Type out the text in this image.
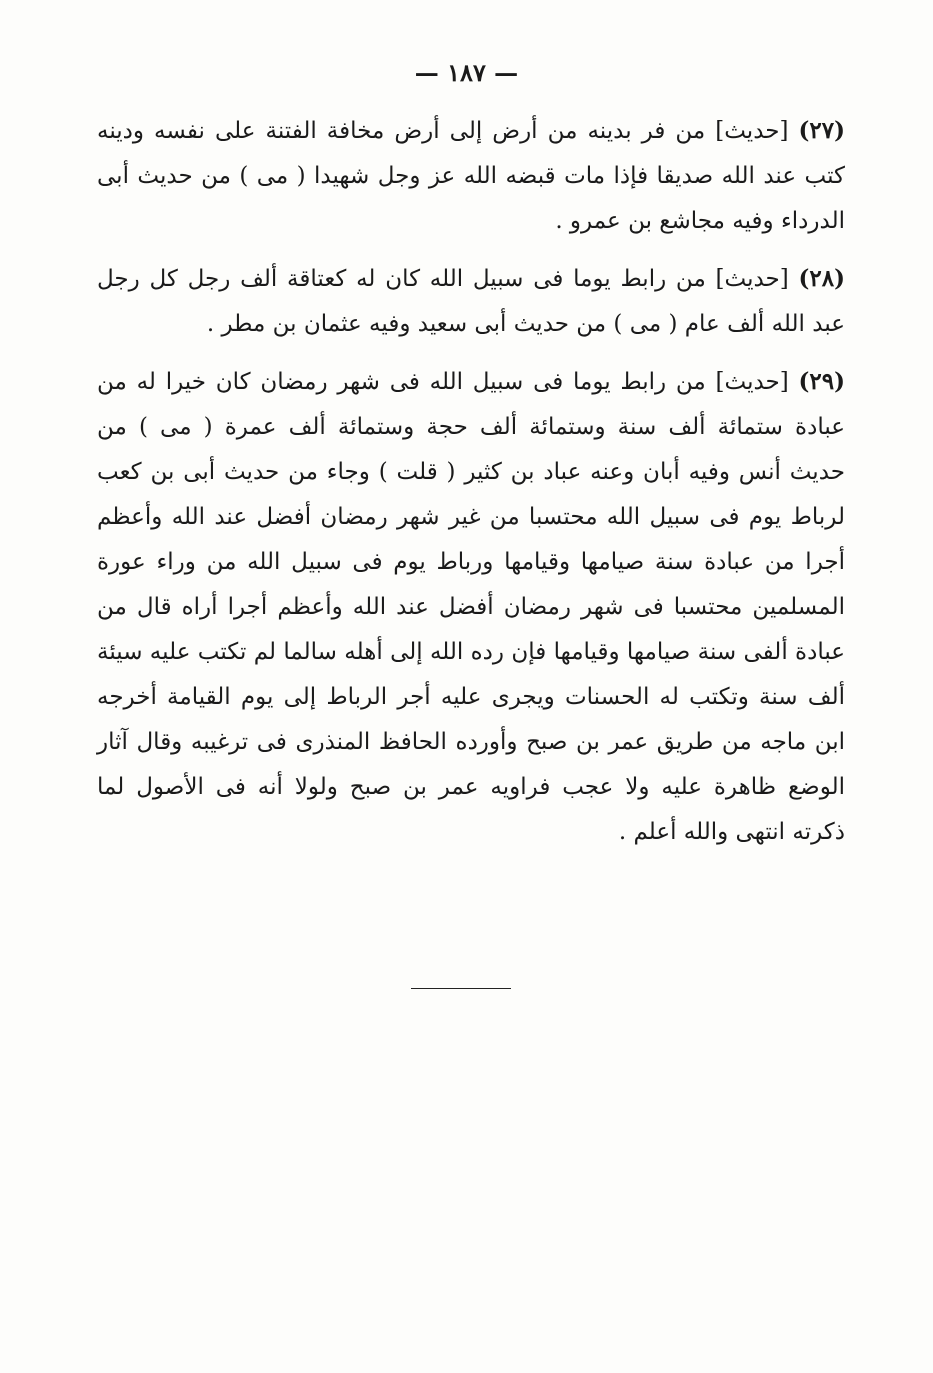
— ١٨٧ —

(٢٧) [حديث] من فر بدينه من أرض إلى أرض مخافة الفتنة على نفسه ودينه كتب عند الله صديقا فإذا مات قبضه الله عز وجل شهيدا ( مى ) من حديث أبى الدرداء وفيه مجاشع بن عمرو .

(٢٨) [حديث] من رابط يوما فى سبيل الله كان له كعتاقة ألف رجل كل رجل عبد الله ألف عام ( مى ) من حديث أبى سعيد وفيه عثمان بن مطر .

(٢٩) [حديث] من رابط يوما فى سبيل الله فى شهر رمضان كان خيرا له من عبادة ستمائة ألف سنة وستمائة ألف حجة وستمائة ألف عمرة ( مى ) من حديث أنس وفيه أبان وعنه عباد بن كثير ( قلت ) وجاء من حديث أبى بن كعب لرباط يوم فى سبيل الله محتسبا من غير شهر رمضان أفضل عند الله وأعظم أجرا من عبادة سنة صيامها وقيامها ورباط يوم فى سبيل الله من وراء عورة المسلمين محتسبا فى شهر رمضان أفضل عند الله وأعظم أجرا أراه قال من عبادة ألفى سنة صيامها وقيامها فإن رده الله إلى أهله سالما لم تكتب عليه سيئة ألف سنة وتكتب له الحسنات ويجرى عليه أجر الرباط إلى يوم القيامة أخرجه ابن ماجه من طريق عمر بن صبح وأورده الحافظ المنذرى فى ترغيبه وقال آثار الوضع ظاهرة عليه ولا عجب فراويه عمر بن صبح ولولا أنه فى الأصول لما ذكرته انتهى والله أعلم .
